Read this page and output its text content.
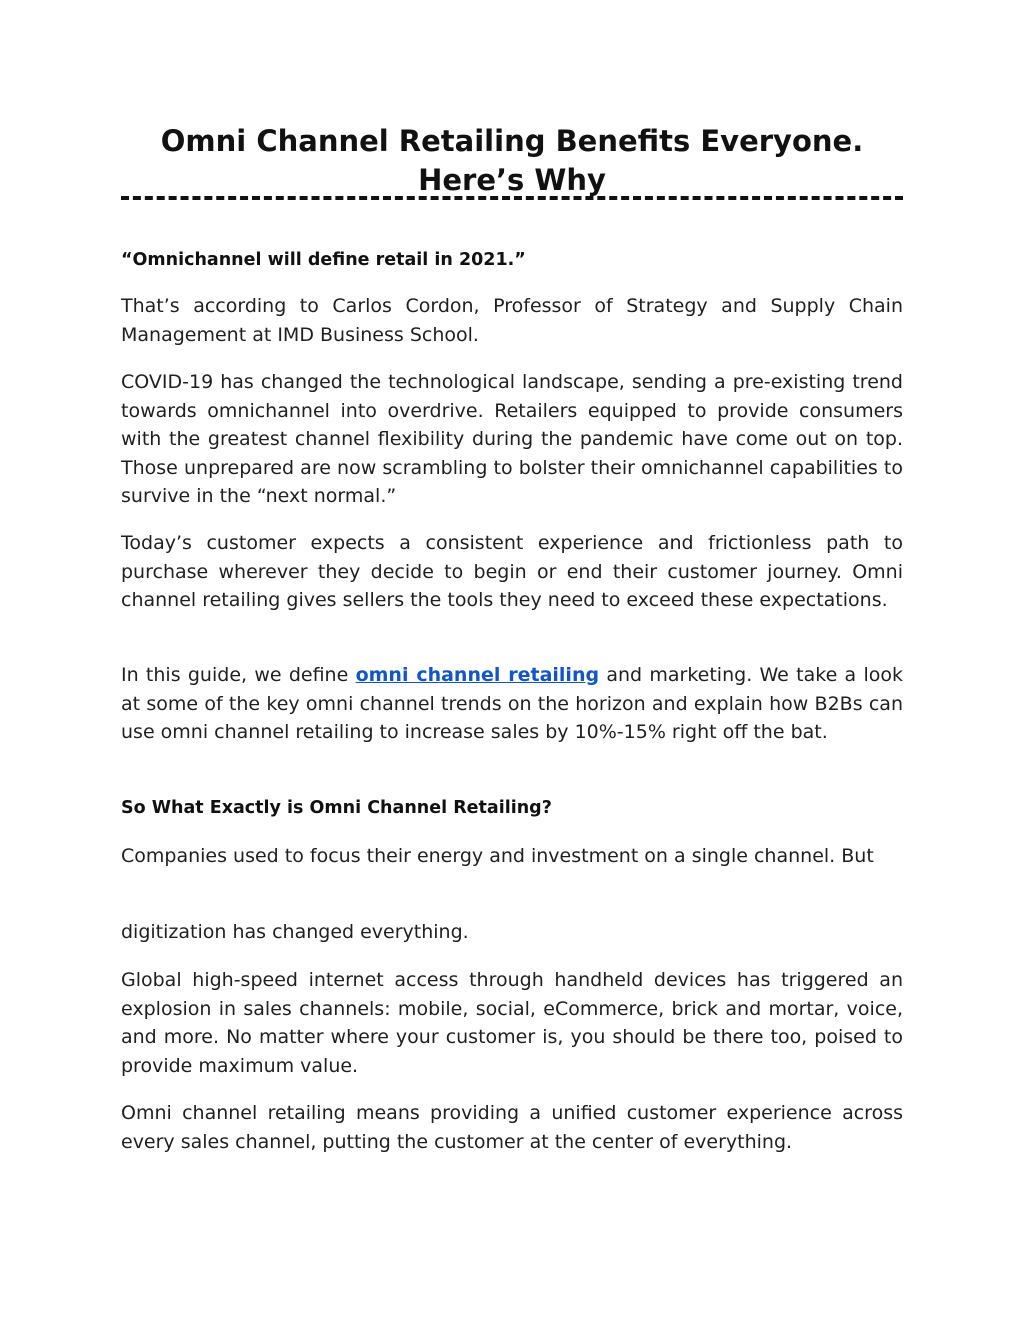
Omni Channel Retailing Benefits Everyone.
Here’s Why

“Omnichannel will define retail in 2021.”

That’s according to Carlos Cordon, Professor of Strategy and Supply Chain Management at IMD Business School.

COVID-19 has changed the technological landscape, sending a pre-existing trend towards omnichannel into overdrive. Retailers equipped to provide consumers with the greatest channel flexibility during the pandemic have come out on top. Those unprepared are now scrambling to bolster their omnichannel capabilities to survive in the “next normal.”

Today’s customer expects a consistent experience and frictionless path to purchase wherever they decide to begin or end their customer journey. Omni channel retailing gives sellers the tools they need to exceed these expectations.

In this guide, we define omni channel retailing and marketing. We take a look at some of the key omni channel trends on the horizon and explain how B2Bs can use omni channel retailing to increase sales by 10%-15% right off the bat.

So What Exactly is Omni Channel Retailing?

Companies used to focus their energy and investment on a single channel. But

digitization has changed everything.

Global high-speed internet access through handheld devices has triggered an explosion in sales channels: mobile, social, eCommerce, brick and mortar, voice, and more. No matter where your customer is, you should be there too, poised to provide maximum value.

Omni channel retailing means providing a unified customer experience across every sales channel, putting the customer at the center of everything.
